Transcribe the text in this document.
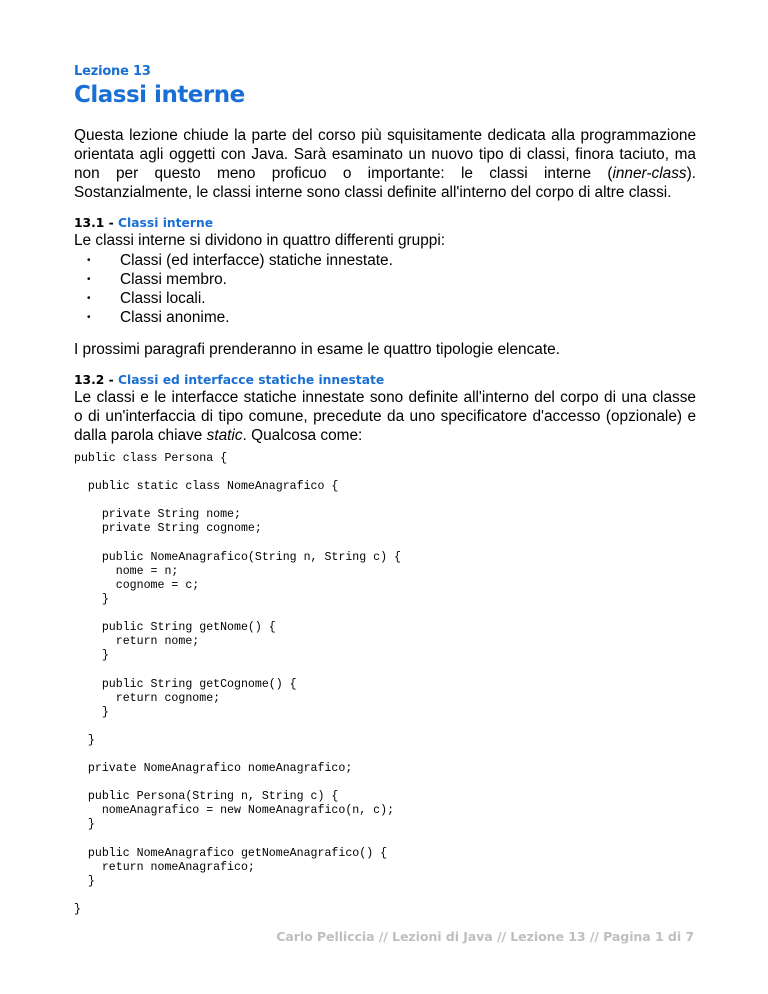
Lezione 13
Classi interne

Questa lezione chiude la parte del corso più squisitamente dedicata alla programmazione

orientata agli oggetti con Java. Sarà esaminato un nuovo tipo di classi, finora taciuto, ma

non per questo meno proficuo o importante: le classi interne (inner-class).

Sostanzialmente, le classi interne sono classi definite all'interno del corpo di altre classi.

13.1 - Classi interne

Le classi interne si dividono in quattro differenti gruppi:

• Classi (ed interfacce) statiche innestate.
• Classi membro.
• Classi locali.
• Classi anonime.

I prossimi paragrafi prenderanno in esame le quattro tipologie elencate.

13.2 - Classi ed interfacce statiche innestate

Le classi e le interfacce statiche innestate sono definite all'interno del corpo di una classe

o di un'interfaccia di tipo comune, precedute da uno specificatore d'accesso (opzionale) e

dalla parola chiave static. Qualcosa come:

public class Persona {

public static class NomeAnagrafico {

private String nome;
private String cognome;

public NomeAnagrafico(String n, String c) {
nome = n;
cognome = c;
}

public String getNome() {
return nome;
}

public String getCognome() {
return cognome;
}

}

private NomeAnagrafico nomeAnagrafico;

public Persona(String n, String c) {
nomeAnagrafico = new NomeAnagrafico(n, c);
}

public NomeAnagrafico getNomeAnagrafico() {
return nomeAnagrafico;
}

}
Carlo Pelliccia // Lezioni di Java // Lezione 13 // Pagina 1 di 7
